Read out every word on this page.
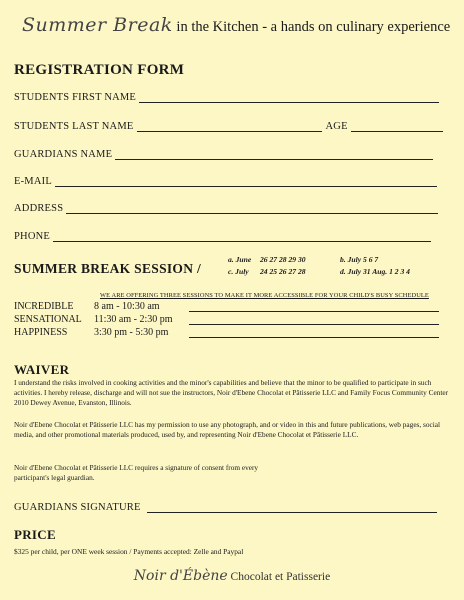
Summer Break in the Kitchen - a hands on culinary experience
REGISTRATION FORM
STUDENTS FIRST NAME
STUDENTS LAST NAME	AGE
GUARDIANS NAME
E-MAIL
ADDRESS
PHONE
SUMMER BREAK SESSION /
a. June 26 27 28 29 30	b. July 5 6 7
c. July 24 25 26 27 28	d. July 31 Aug. 1 2 3 4
WE ARE OFFERING THREE SESSIONS TO MAKE IT MORE ACCESSIBLE FOR YOUR CHILD'S BUSY SCHEDULE
INCREDIBLE	8 am - 10:30 am
SENSATIONAL	11:30 am - 2:30 pm
HAPPINESS	3:30 pm - 5:30 pm
WAIVER
I understand the risks involved in cooking activities and the minor's capabilities and believe that the minor to be qualified to participate in such activities. I hereby release, discharge and will not sue the instructors, Noir d'Ebene Chocolat et Pâtisserie LLC and Family Focus Community Center 2010 Dewey Avenue, Evanston, Illinois.
Noir d'Ebene Chocolat et Pâtisserie LLC has my permission to use any photograph, and or video in this and future publications, web pages, social media, and other promotional materials produced, used by, and representing Noir d'Ebene Chocolat et Pâtisserie LLC.
Noir d'Ebene Chocolat et Pâtisserie LLC requires a signature of consent from every
participant's legal guardian.
GUARDIANS SIGNATURE
PRICE
$325 per child, per ONE week session / Payments accepted: Zelle and Paypal
Noir d'Ébène Chocolat et Patisserie
